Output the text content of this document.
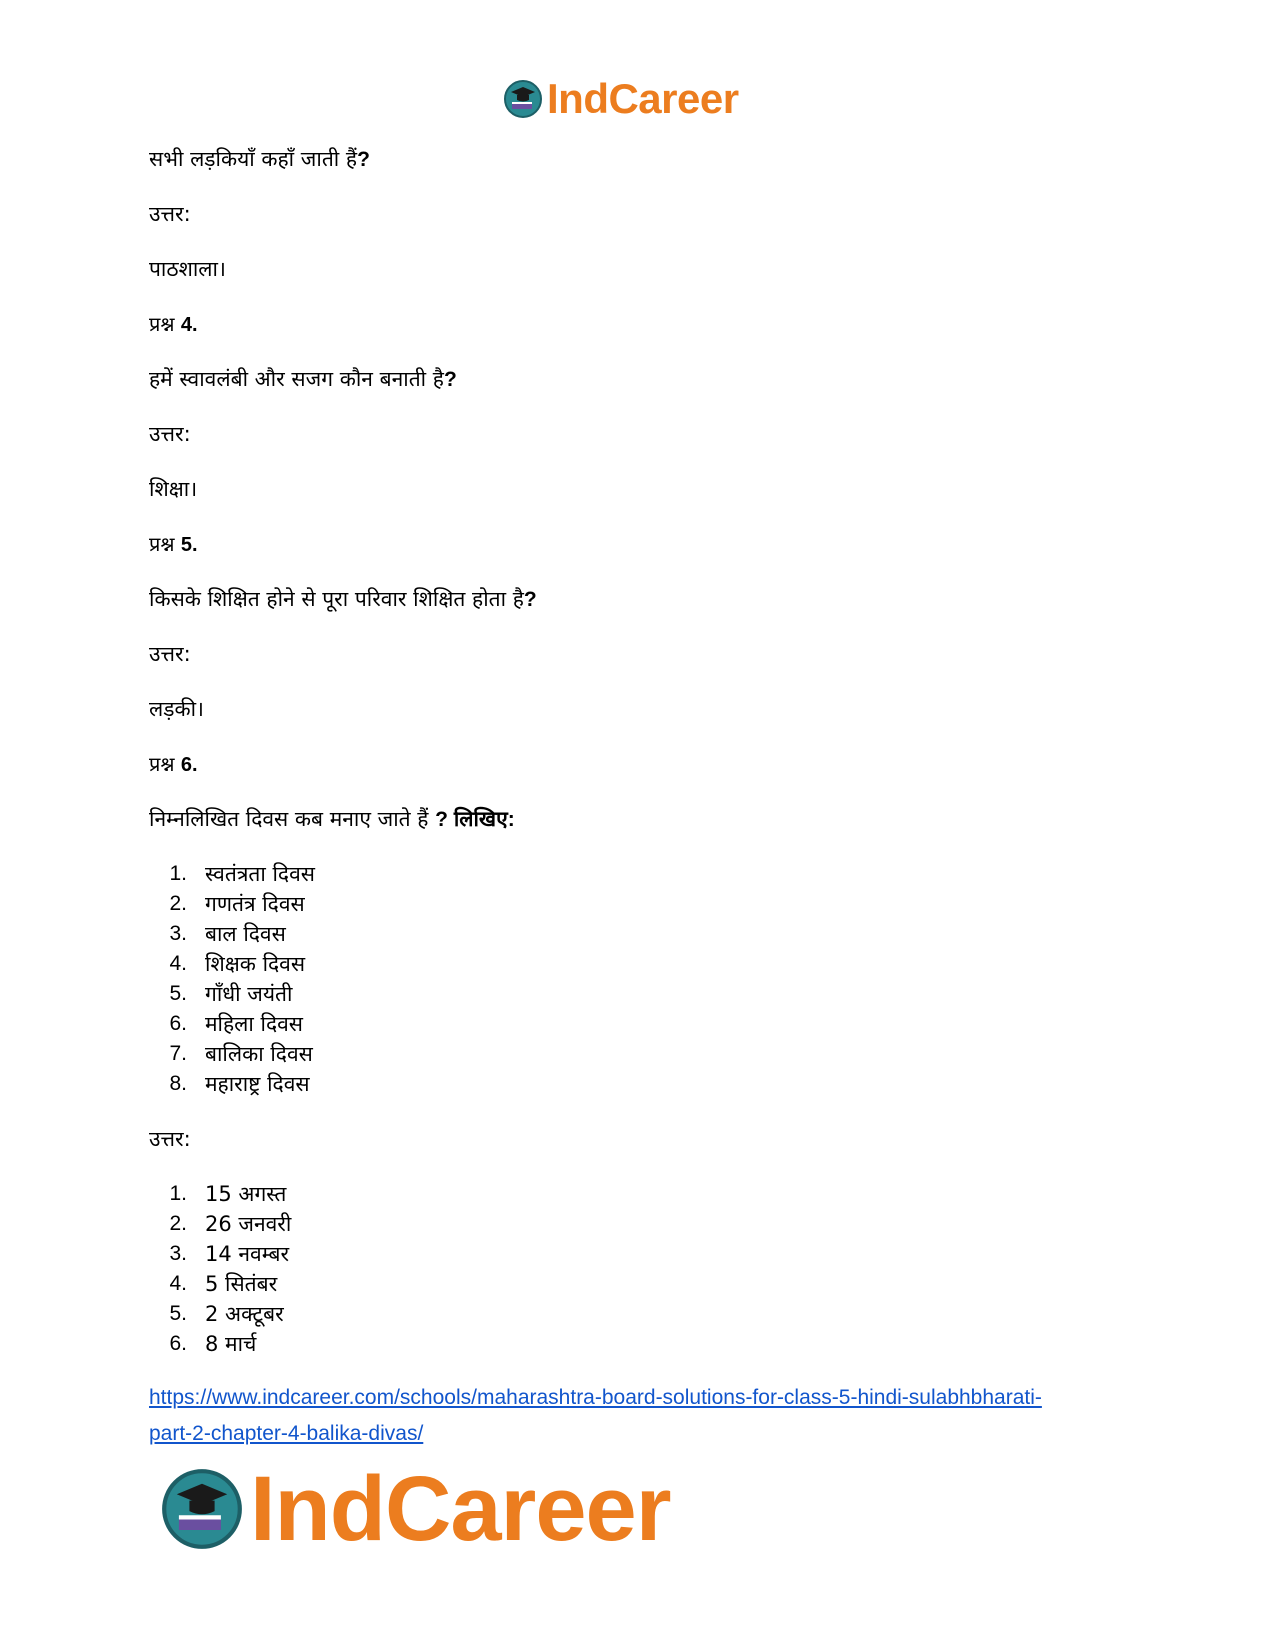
IndCareer

सभी लड़कियाँ कहाँ जाती हैं?

उत्तर:

पाठशाला।

प्रश्न 4.

हमें स्वावलंबी और सजग कौन बनाती है?

उत्तर:

शिक्षा।

प्रश्न 5.

किसके शिक्षित होने से पूरा परिवार शिक्षित होता है?

उत्तर:

लड़की।

प्रश्न 6.

निम्नलिखित दिवस कब मनाए जाते हैं ? लिखिए:

1. स्वतंत्रता दिवस
2. गणतंत्र दिवस
3. बाल दिवस
4. शिक्षक दिवस
5. गाँधी जयंती
6. महिला दिवस
7. बालिका दिवस
8. महाराष्ट्र दिवस

उत्तर:

1. 15 अगस्त
2. 26 जनवरी
3. 14 नवम्बर
4. 5 सितंबर
5. 2 अक्टूबर
6. 8 मार्च
https://www.indcareer.com/schools/maharashtra-board-solutions-for-class-5-hindi-sulabhbharati-
part-2-chapter-4-balika-divas/
IndCareer
